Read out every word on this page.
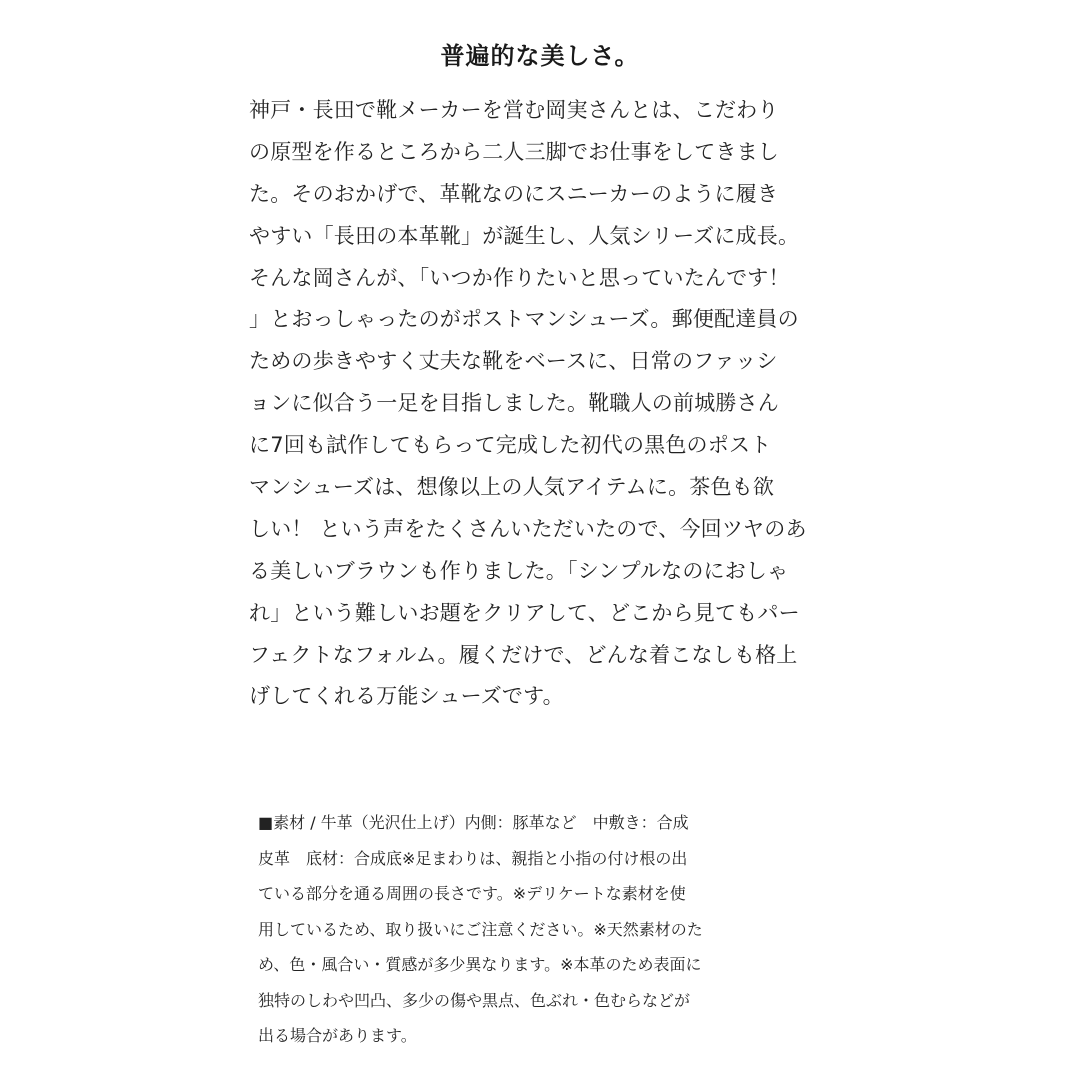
普遍的な美しさ。
神戸・長田で靴メーカーを営む岡実さんとは、こだわり
の原型を作るところから二人三脚でお仕事をしてきまし
た。そのおかげで、革靴なのにスニーカーのように履き
やすい「長田の本革靴」が誕生し、人気シリーズに成長。
そんな岡さんが、「いつか作りたいと思っていたんです！
」とおっしゃったのがポストマンシューズ。郵便配達員の
ための歩きやすく丈夫な靴をベースに、日常のファッシ
ョンに似合う一足を目指しました。靴職人の前城勝さん
に7回も試作してもらって完成した初代の黒色のポスト
マンシューズは、想像以上の人気アイテムに。茶色も欲
しい！ という声をたくさんいただいたので、今回ツヤのあ
る美しいブラウンも作りました。「シンプルなのにおしゃ
れ」という難しいお題をクリアして、どこから見てもパー
フェクトなフォルム。履くだけで、どんな着こなしも格上
げしてくれる万能シューズです。
■素材 / 牛革（光沢仕上げ）内側：豚革など　中敷き：合成
皮革　底材：合成底※足まわりは、親指と小指の付け根の出
ている部分を通る周囲の長さです。※デリケートな素材を使
用しているため、取り扱いにご注意ください。※天然素材のた
め、色・風合い・質感が多少異なります。※本革のため表面に
独特のしわや凹凸、多少の傷や黒点、色ぶれ・色むらなどが
出る場合があります。
